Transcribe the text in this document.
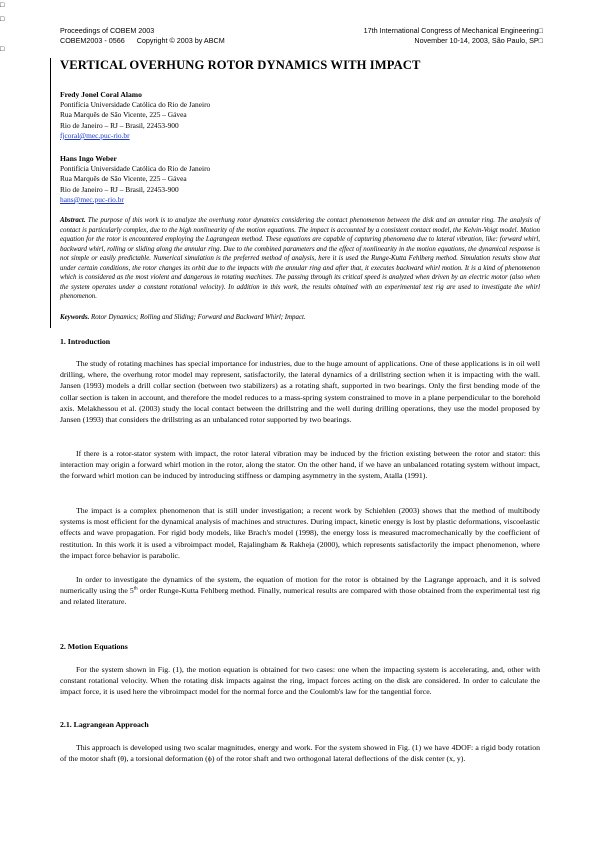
□
□
□
Proceedings of COBEM 2003
COBEM2003 - 0566      Copyright © 2003 by ABCM
17th International Congress of Mechanical Engineering□
November 10-14, 2003, São Paulo, SP□
VERTICAL OVERHUNG ROTOR DYNAMICS WITH IMPACT
Fredy Jonel Coral Alamo
Pontifícia Universidade Católica do Rio de Janeiro
Rua Marquês de São Vicente, 225 – Gávea
Rio de Janeiro – RJ – Brasil, 22453-900
fjcoral@mec.puc-rio.br
Hans Ingo Weber
Pontifícia Universidade Católica do Rio de Janeiro
Rua Marquês de São Vicente, 225 – Gávea
Rio de Janeiro – RJ – Brasil, 22453-900
hans@mec.puc-rio.br
Abstract. The purpose of this work is to analyze the overhung rotor dynamics considering the contact phenomenon between the disk and an annular ring. The analysis of contact is particularly complex, due to the high nonlinearity of the motion equations. The impact is accounted by a consistent contact model, the Kelvin-Voigt model. Motion equation for the rotor is encountered employing the Lagrangean method. These equations are capable of capturing phenomena due to lateral vibration, like: forward whirl, backward whirl, rolling or sliding along the annular ring. Due to the combined parameters and the effect of nonlinearity in the motion equations, the dynamical response is not simple or easily predictable. Numerical simulation is the preferred method of analysis, here it is used the Runge-Kutta Fehlberg method. Simulation results show that under certain conditions, the rotor changes its orbit due to the impacts with the annular ring and after that, it executes backward whirl motion. It is a kind of phenomenon which is considered as the most violent and dangerous in rotating machines. The passing through its critical speed is analyzed when driven by an electric motor (also when the system operates under a constant rotational velocity). In addition in this work, the results obtained with an experimental test rig are used to investigate the whirl phenomenon.
Keywords. Rotor Dynamics; Rolling and Sliding; Forward and Backward Whirl; Impact.
1. Introduction
The study of rotating machines has special importance for industries, due to the huge amount of applications. One of these applications is in oil well drilling, where, the overhung rotor model may represent, satisfactorily, the lateral dynamics of a drillstring section when it is impacting with the wall. Jansen (1993) models a drill collar section (between two stabilizers) as a rotating shaft, supported in two bearings. Only the first bending mode of the collar section is taken in account, and therefore the model reduces to a mass-spring system constrained to move in a plane perpendicular to the borehold axis. Melakhessou et al. (2003) study the local contact between the drillstring and the well during drilling operations, they use the model proposed by Jansen (1993) that considers the drillstring as an unbalanced rotor supported by two bearings.
If there is a rotor-stator system with impact, the rotor lateral vibration may be induced by the friction existing between the rotor and stator: this interaction may origin a forward whirl motion in the rotor, along the stator. On the other hand, if we have an unbalanced rotating system without impact, the forward whirl motion can be induced by introducing stiffness or damping asymmetry in the system, Atalla (1991).
The impact is a complex phenomenon that is still under investigation; a recent work by Schiehlen (2003) shows that the method of multibody systems is most efficient for the dynamical analysis of machines and structures. During impact, kinetic energy is lost by plastic deformations, viscoelastic effects and wave propagation. For rigid body models, like Brach's model (1998), the energy loss is measured macromechanically by the coefficient of restitution. In this work it is used a vibroimpact model, Rajalingham & Rakheja (2000), which represents satisfactorily the impact phenomenon, where the impact force behavior is parabolic.
In order to investigate the dynamics of the system, the equation of motion for the rotor is obtained by the Lagrange approach, and it is solved numerically using the 5th order Runge-Kutta Fehlberg method. Finally, numerical results are compared with those obtained from the experimental test rig and related literature.
2. Motion Equations
For the system shown in Fig. (1), the motion equation is obtained for two cases: one when the impacting system is accelerating, and, other with constant rotational velocity. When the rotating disk impacts against the ring, impact forces acting on the disk are considered. In order to calculate the impact force, it is used here the vibroimpact model for the normal force and the Coulomb's law for the tangential force.
2.1. Lagrangean Approach
This approach is developed using two scalar magnitudes, energy and work. For the system showed in Fig. (1) we have 4DOF: a rigid body rotation of the motor shaft (θ), a torsional deformation (ϕ) of the rotor shaft and two orthogonal lateral deflections of the disk center (x, y).
